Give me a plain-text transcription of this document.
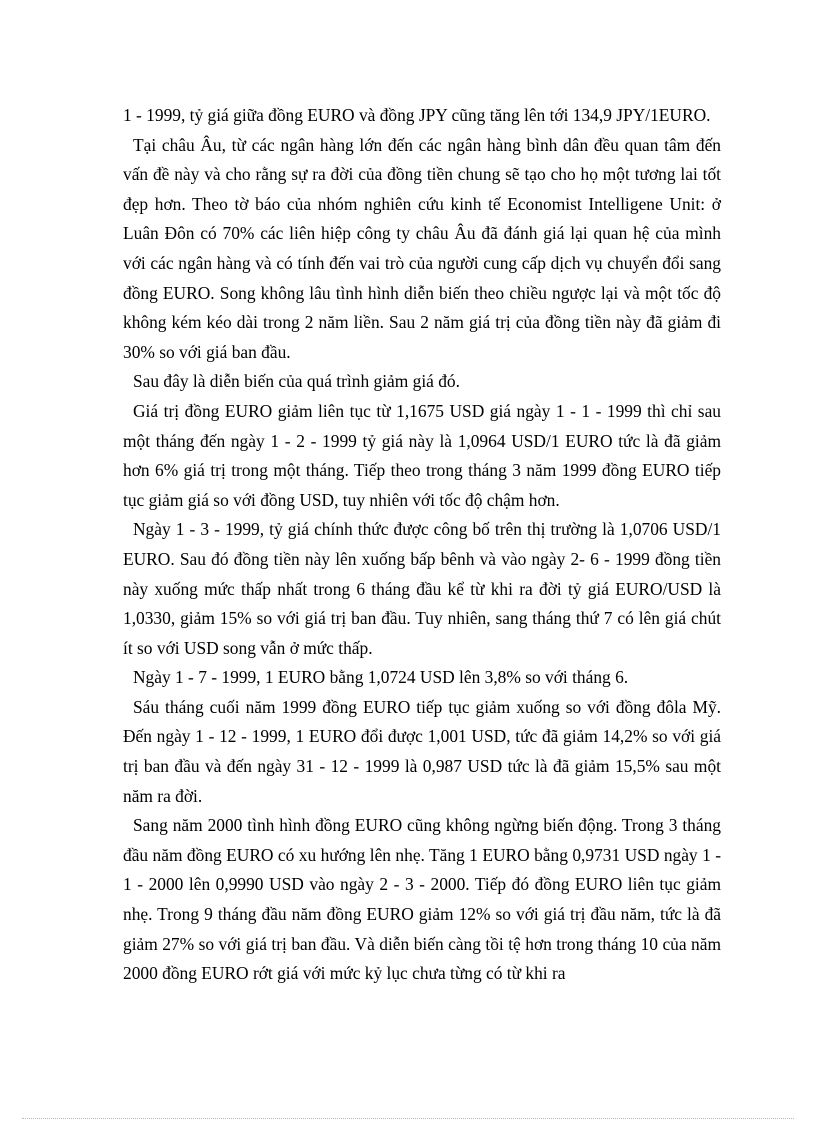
1 - 1999, tỷ giá giữa đồng EURO và đồng JPY cũng tăng lên tới 134,9 JPY/1EURO.

Tại châu Âu, từ các ngân hàng lớn đến các ngân hàng bình dân đều quan tâm đến vấn đề này và cho rằng sự ra đời của đồng tiền chung sẽ tạo cho họ một tương lai tốt đẹp hơn. Theo tờ báo của nhóm nghiên cứu kinh tế Economist Intelligene Unit: ở Luân Đôn có 70% các liên hiệp công ty châu Âu đã đánh giá lại quan hệ của mình với các ngân hàng và có tính đến vai trò của người cung cấp dịch vụ chuyển đổi sang đồng EURO. Song không lâu tình hình diễn biến theo chiều ngược lại và một tốc độ không kém kéo dài trong 2 năm liền. Sau 2 năm giá trị của đồng tiền này đã giảm đi 30% so với giá ban đầu.

Sau đây là diễn biến của quá trình giảm giá đó.

Giá trị đồng EURO giảm liên tục từ 1,1675 USD giá ngày 1 - 1 - 1999 thì chỉ sau một tháng đến ngày 1 - 2 - 1999 tỷ giá này là 1,0964 USD/1 EURO tức là đã giảm hơn 6% giá trị trong một tháng. Tiếp theo trong tháng 3 năm 1999 đồng EURO tiếp tục giảm giá so với đồng USD, tuy nhiên với tốc độ chậm hơn.

Ngày 1 - 3 - 1999, tỷ giá chính thức được công bố trên thị trường là 1,0706 USD/1 EURO. Sau đó đồng tiền này lên xuống bấp bênh và vào ngày 2- 6 - 1999 đồng tiền này xuống mức thấp nhất trong 6 tháng đầu kể từ khi ra đời tỷ giá EURO/USD là 1,0330, giảm 15% so với giá trị ban đầu. Tuy nhiên, sang tháng thứ 7 có lên giá chút ít so với USD song vẫn ở mức thấp.

Ngày 1 - 7 - 1999, 1 EURO bằng 1,0724 USD lên 3,8% so với tháng 6.

Sáu tháng cuối năm 1999 đồng EURO tiếp tục giảm xuống so với đồng đôla Mỹ. Đến ngày 1 - 12 - 1999, 1 EURO đổi được 1,001 USD, tức đã giảm 14,2% so với giá trị ban đầu và đến ngày 31 - 12 - 1999 là 0,987 USD tức là đã giảm 15,5% sau một năm ra đời.

Sang năm 2000 tình hình đồng EURO cũng không ngừng biến động. Trong 3 tháng đầu năm đồng EURO có xu hướng lên nhẹ. Tăng 1 EURO bằng 0,9731 USD ngày 1 - 1 - 2000 lên 0,9990 USD vào ngày 2 - 3 - 2000. Tiếp đó đồng EURO liên tục giảm nhẹ. Trong 9 tháng đầu năm đồng EURO giảm 12% so với giá trị đầu năm, tức là đã giảm 27% so với giá trị ban đầu. Và diễn biến càng tồi tệ hơn trong tháng 10 của năm 2000 đồng EURO rớt giá với mức kỷ lục chưa từng có từ khi ra
